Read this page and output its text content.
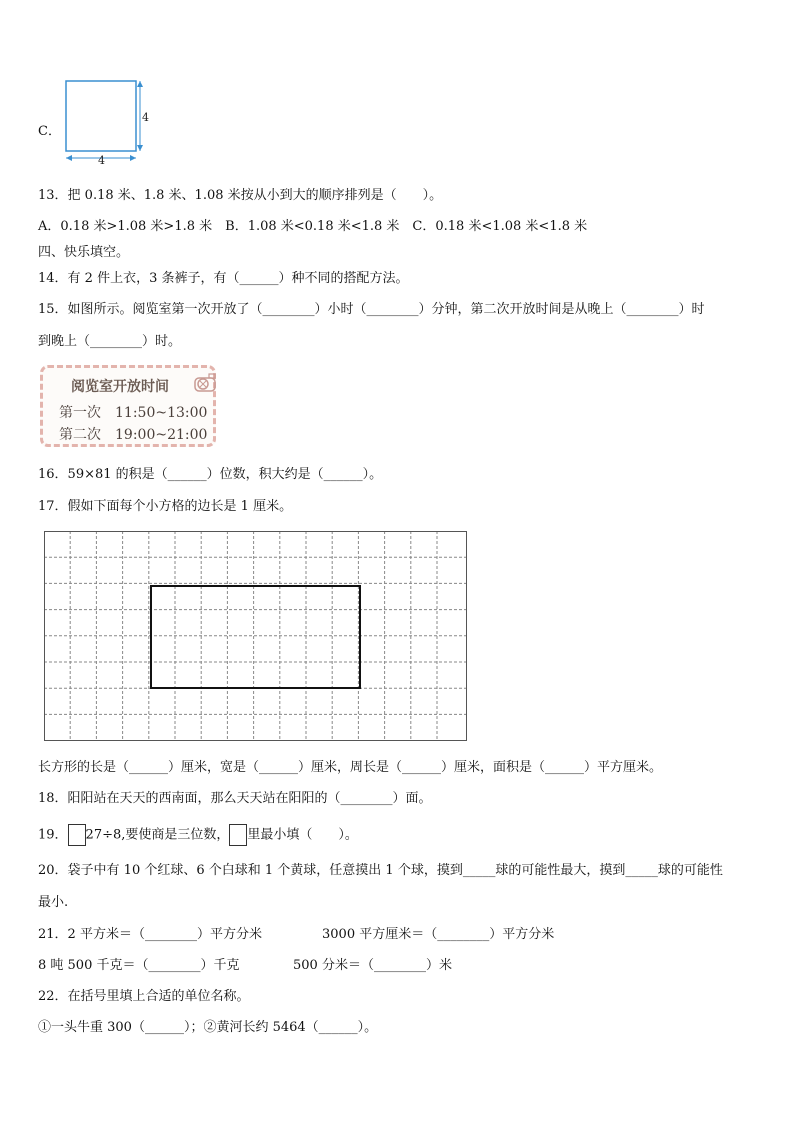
C．
4
4
13．把 0.18 米、1.8 米、1.08 米按从小到大的顺序排列是（　　）。
A．0.18 米>1.08 米>1.8 米　B．1.08 米<0.18 米<1.8 米　C．0.18 米<1.08 米<1.8 米
四、快乐填空。
14．有 2 件上衣，3 条裤子，有（______）种不同的搭配方法。
15．如图所示。阅览室第一次开放了（________）小时（________）分钟，第二次开放时间是从晚上（________）时
到晚上（________）时。
阅览室开放时间
第一次　11:50~13:00
第二次　19:00~21:00
16．59×81 的积是（______）位数，积大约是（______）。
17．假如下面每个小方格的边长是 1 厘米。
长方形的长是（______）厘米，宽是（______）厘米，周长是（______）厘米，面积是（______）平方厘米。
18．阳阳站在天天的西南面，那么天天站在阳阳的（________）面。
19． 27÷8,要使商是三位数， 里最小填（　　）。
20．袋子中有 10 个红球、6 个白球和 1 个黄球，任意摸出 1 个球，摸到_____球的可能性最大，摸到_____球的可能性
最小.
21．2 平方米＝（________）平方分米	3000 平方厘米＝（________）平方分米
8 吨 500 千克＝（________）千克	500 分米＝（________）米
22．在括号里填上合适的单位名称。
①一头牛重 300（______）；②黄河长约 5464（______）。
